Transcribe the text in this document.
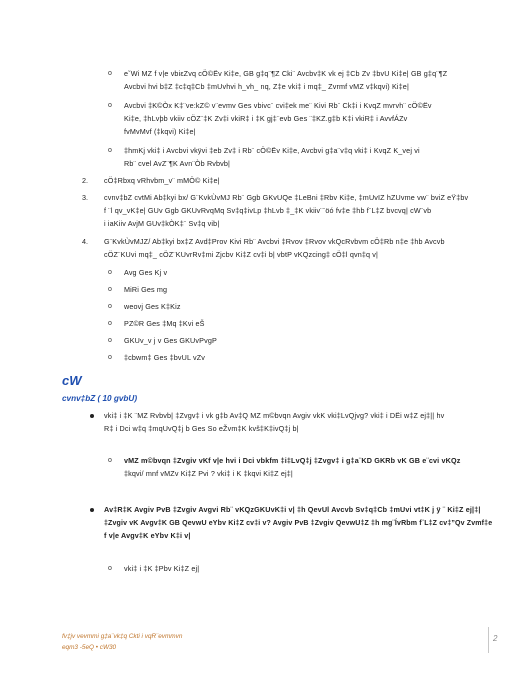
o eˇWi MZ f v|e vbiεZvq cÖ©Ëv Ki‡e, GB g‡q¨¶Z Cki¨ Avcbv‡K vk ej ‡Cb Zv ‡bvU Ki‡e| GB g‡q¨¶Z
Avcbvi hvi b‡Z ‡c‡q‡Cb ‡mUvhvi h_vh_ nq, Z‡e vki‡ i mq‡_ Zvrmf vMZ v‡kqvi) Ki‡e|
o Avcbvi ‡K©Òx K‡¨ve:kZ© v¨evmv Ges vbivc¨ cvi‡ek me¨ Kivi Rb¨ Ck‡i i KvqZ mvrvh¨ cÖ©Ëv
Ki‡e, ‡hLvþb vkiiv cÖZ¨‡K Zv‡i vkiR‡ i ‡K gj‡¨evb Ges ¨‡KZ.g‡b K‡i vkiR‡ i AvvfÁZv
fvMvMvf (‡kqvi) Ki‡e|
o ‡hmKj vki‡ i Avcbvi vkÿvi ‡eb Zv‡ i Rb¨ cÖ©Ëv Ki‡e, Avcbvi g‡a¨v‡q vki‡ i KvqZ K_vej vi
Rb¨ cvel AvZ¨¶K Avn¨Òb Rvbvb|
2. cÖ‡Rbxq vRhvbm_v¨ mMÖ© Ki‡e|
3. cvnv‡bZ cvtMi Ab‡kyi bx/ G¨KvkÙvMJ Rb¨ Ggb GKvUQe ‡LeBni ‡Rbv Ki‡e, ‡mUvIZ hZUvme vw¨ bviZ eŸ‡bv
f ¨l qv_vK‡e| GUv Ggb GKUvRvqMq Sv‡q‡ivLp ‡hLvb ‡_‡K vkiiv¨¨öó fv‡e ‡hb f¨L‡Z bvcvq| cW¨vb
i iaKiiv AvjM GUv‡kÒK‡¨ Sv‡q vib|
4. G¨KvkÙvMJZ/ Ab‡kyi bx‡Z Avd‡Prov Kivi Rb¨ Avcbvi ‡Rvov ‡Rvov vkQcRvbvm cÖ‡Rb n‡e ‡hb Avcvb
cÖZ¨KUvi mq‡_ cÖZ¨KUvrRv‡mi Zjcbv Ki‡Z cv‡i b| vbtP vKQzcing‡ cÖ‡l qvn‡q v|
o Avg Ges Kj v
o MiRi Ges mg
o weovj Ges K‡Kiz
o PZ©R Ges ‡Mq ‡Kvi eŠ
o GKUv_v j v Ges GKUvPvgP
o ‡cbwm‡ Ges ‡bvUL vZv
cW
cvnv‡bZ ( 10 gvbU)
vki‡ i ‡K ¨MZ Rvbvb| ‡Zvgv‡ i vk g‡b Av‡Q MZ m©bvqn Avgiv vkK vki‡LvQjvg? vki‡ i DËi w‡Z ej‡|| hv
R‡ i Dci w‡q ‡mqUvQ‡j b Ges So eŽvm‡K kvš‡K‡ivQ‡j b|
o vMZ m©bvqn ‡Zvgiv vKf v|e hvi i Dci vbkfm ‡i‡LvQ‡j ‡Zvgv‡ i g‡a¨KD GKRb vK GB e¨cvi vKQz
‡kqvi/ mnf vMZv Ki‡Z Pvi ? vki‡ i K ‡kqvi Ki‡Z ej‡|
Av‡R‡K Avgiv PvB ‡Zvgiv Avgvi Rb¨ vKQzGKUvK‡i v| ‡h QevUl Avcvb Sv‡q‡Cb ‡mUvi vt‡K j ÿ ¨ Ki‡Z ej|‡|
‡Zvgiv vK Avgv‡K GB QevwU eYbv Ki‡Z cv‡i v? Avgiv PvB ‡Zvgiv QevwU‡Z ‡h mg¨ÍvRbm f¨L‡Z cv‡”Qv Zvmf‡e
f v|e Avgv‡K eYbv K‡i v|
o vki‡ i ‡K ‡Pbv Ki‡Z ej|
fv‡jv vevmmi g‡a¨vk‡q Ckti i vqR¨evmmvn
eqm3 -5eQ • cW30
2
